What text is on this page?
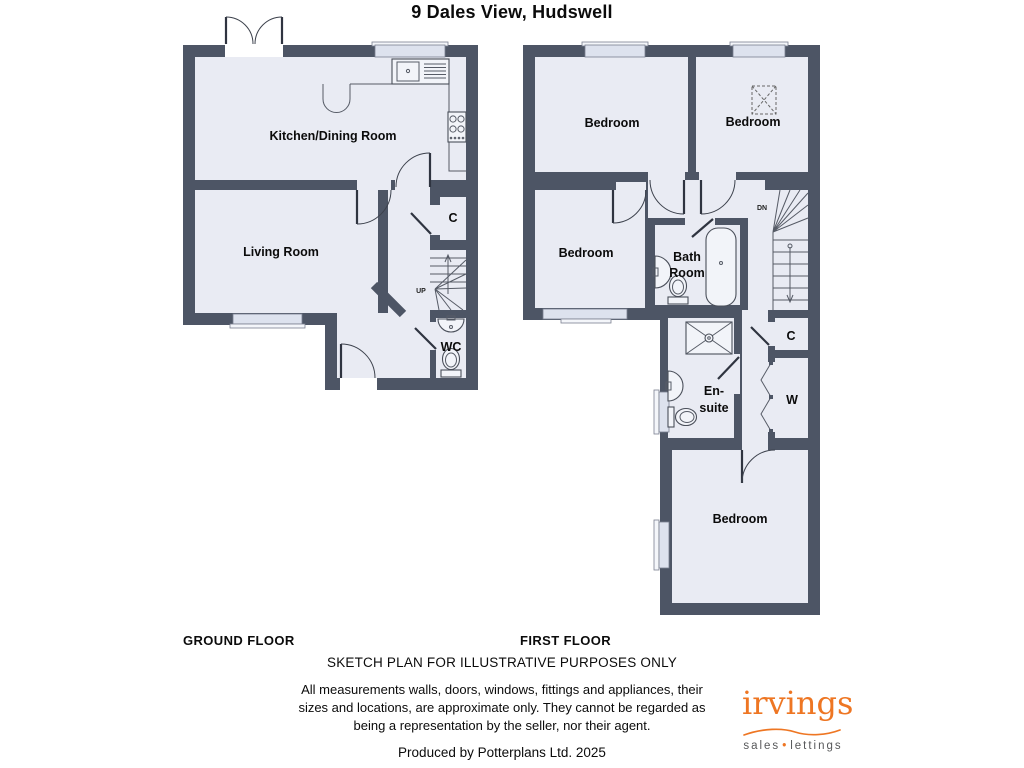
9 Dales View, Hudswell
Kitchen/Dining Room
Living Room
C
WC
UP
Bedroom	Bedroom
Bedroom
Bedroom
Bath
Room
En-
suite
C
W
DN
GROUND FLOOR	FIRST FLOOR
SKETCH PLAN FOR ILLUSTRATIVE PURPOSES ONLY
All measurements walls, doors, windows, fittings and appliances, their
sizes and locations, are approximate only. They cannot be regarded as
being a representation by the seller, nor their agent.
Produced by Potterplans Ltd. 2025
irvings
sales • lettings
